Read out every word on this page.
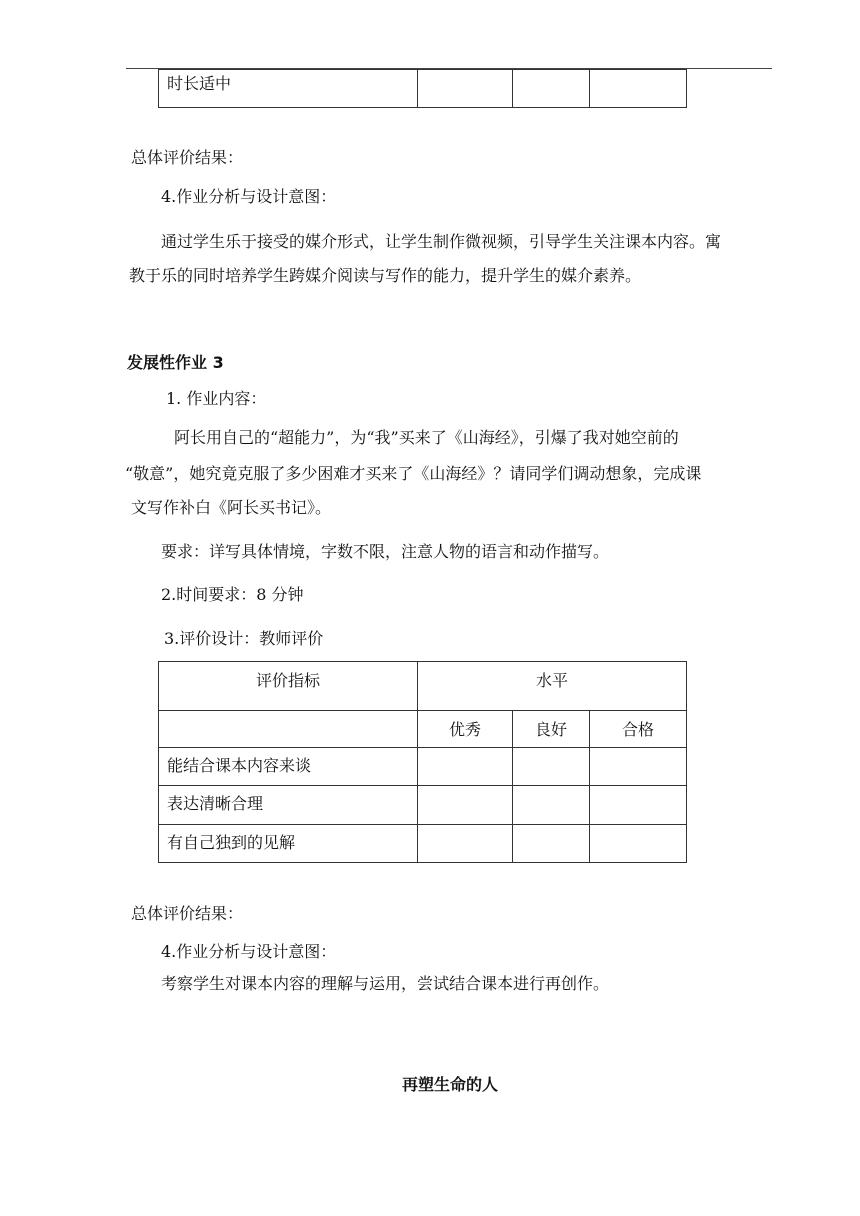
时长适中			
总体评价结果：
4.作业分析与设计意图：
通过学生乐于接受的媒介形式，让学生制作微视频，引导学生关注课本内容。寓
教于乐的同时培养学生跨媒介阅读与写作的能力，提升学生的媒介素养。
发展性作业 3
1. 作业内容：
阿长用自己的“超能力”，为“我”买来了《山海经》，引爆了我对她空前的
“敬意”，她究竟克服了多少困难才买来了《山海经》？请同学们调动想象，完成课
文写作补白《阿长买书记》。
要求：详写具体情境，字数不限，注意人物的语言和动作描写。
2.时间要求：8 分钟
3.评价设计：教师评价
评价指标	水平		
	优秀	良好	合格
能结合课本内容来谈			
表达清晰合理			
有自己独到的见解			
总体评价结果：
4.作业分析与设计意图：
考察学生对课本内容的理解与运用，尝试结合课本进行再创作。
再塑生命的人
